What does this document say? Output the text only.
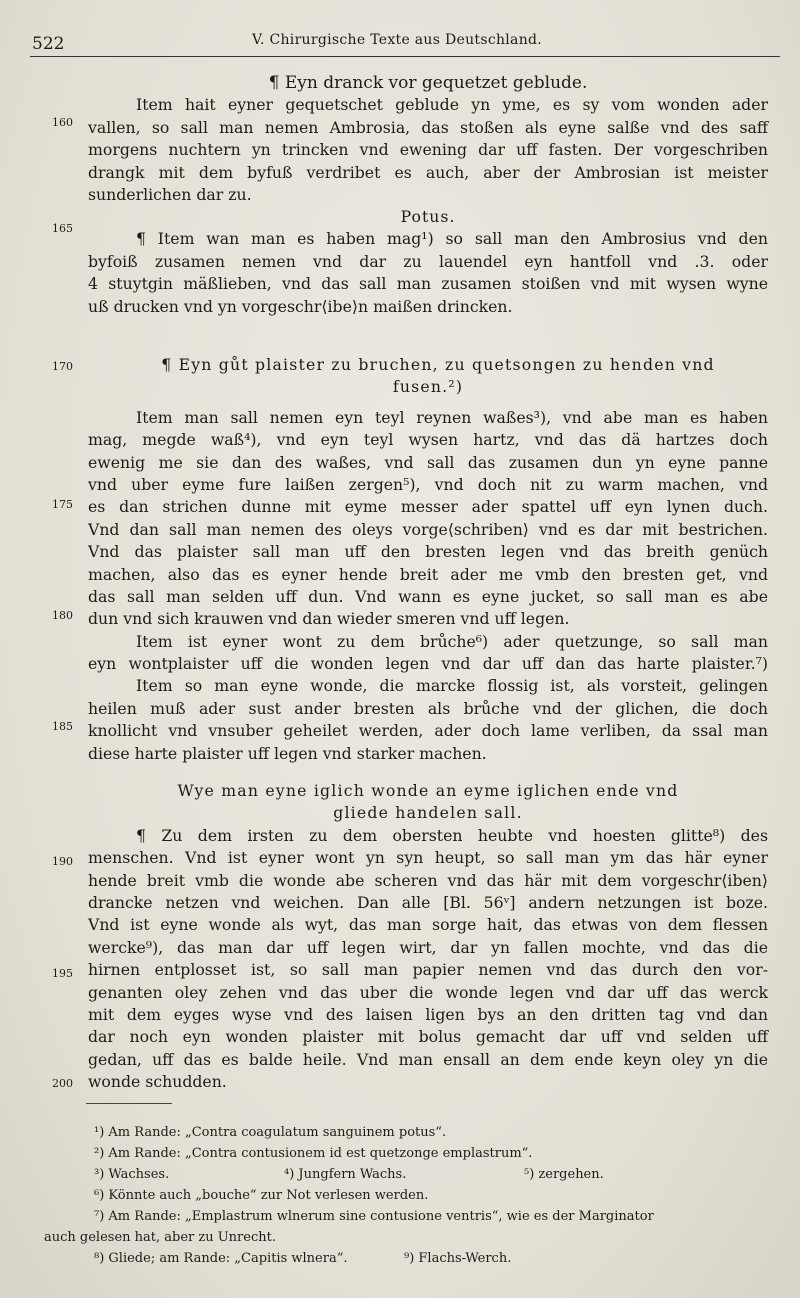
522	V. Chirurgische Texte aus Deutschland.
160
165
170
175
180
185
190
195
200
¶ Eyn dranck vor gequetzet geblude.
Item hait eyner gequetschet geblude yn yme, es sy vom wonden ader
vallen, so sall man nemen Ambrosia, das stoßen als eyne salße vnd des saff
morgens nuchtern yn trincken vnd ewening dar uff fasten. Der vorgeschriben
drangk mit dem byfuß verdribet es auch, aber der Ambrosian ist meister
sunderlichen dar zu.
Potus.
¶ Item wan man es haben mag¹) so sall man den Ambrosius vnd den
byfoiß zusamen nemen vnd dar zu lauendel eyn hantfoll vnd .3. oder
4 stuytgin mäßlieben, vnd das sall man zusamen stoißen vnd mit wysen wyne
uß drucken vnd yn vorgeschr⟨ibe⟩n maißen drincken.
¶ Eyn gůt plaister zu bruchen, zu quetsongen zu henden vnd
fusen.²)
Item man sall nemen eyn teyl reynen waßes³), vnd abe man es haben
mag, megde waß⁴), vnd eyn teyl wysen hartz, vnd das dä hartzes doch
ewenig me sie dan des waßes, vnd sall das zusamen dun yn eyne panne
vnd uber eyme fure laißen zergen⁵), vnd doch nit zu warm machen, vnd
es dan strichen dunne mit eyme messer ader spattel uff eyn lynen duch.
Vnd dan sall man nemen des oleys vorge⟨schriben⟩ vnd es dar mit bestrichen.
Vnd das plaister sall man uff den bresten legen vnd das breith genüch
machen, also das es eyner hende breit ader me vmb den bresten get, vnd
das sall man selden uff dun. Vnd wann es eyne jucket, so sall man es abe
dun vnd sich krauwen vnd dan wieder smeren vnd uff legen.
Item ist eyner wont zu dem brůche⁶) ader quetzunge, so sall man
eyn wontplaister uff die wonden legen vnd dar uff dan das harte plaister.⁷)
Item so man eyne wonde, die marcke flossig ist, als vorsteit, gelingen
heilen muß ader sust ander bresten als brůche vnd der glichen, die doch
knollicht vnd vnsuber geheilet werden, ader doch lame verliben, da ssal man
diese harte plaister uff legen vnd starker machen.
Wye man eyne iglich wonde an eyme iglichen ende vnd
gliede handelen sall.
¶ Zu dem irsten zu dem obersten heubte vnd hoesten glitte⁸) des
menschen. Vnd ist eyner wont yn syn heupt, so sall man ym das här eyner
hende breit vmb die wonde abe scheren vnd das här mit dem vorgeschr⟨iben⟩
drancke netzen vnd weichen. Dan alle [Bl. 56ᵛ] andern netzungen ist boze.
Vnd ist eyne wonde als wyt, das man sorge hait, das etwas von dem flessen
wercke⁹), das man dar uff legen wirt, dar yn fallen mochte, vnd das die
hirnen entplosset ist, so sall man papier nemen vnd das durch den vor-
genanten oley zehen vnd das uber die wonde legen vnd dar uff das werck
mit dem eyges wyse vnd des laisen ligen bys an den dritten tag vnd dan
dar noch eyn wonden plaister mit bolus gemacht dar uff vnd selden uff
gedan, uff das es balde heile. Vnd man ensall an dem ende keyn oley yn die
wonde schudden.
¹) Am Rande: „Contra coagulatum sanguinem potus“.
²) Am Rande: „Contra contusionem id est quetzonge emplastrum“.
³) Wachses.	⁴) Jungfern Wachs.	⁵) zergehen.
⁶) Könnte auch „bouche“ zur Not verlesen werden.
⁷) Am Rande: „Emplastrum wlnerum sine contusione ventris“, wie es der Marginator
auch gelesen hat, aber zu Unrecht.
⁸) Gliede; am Rande: „Capitis wlnera“.	⁹) Flachs-Werch.
